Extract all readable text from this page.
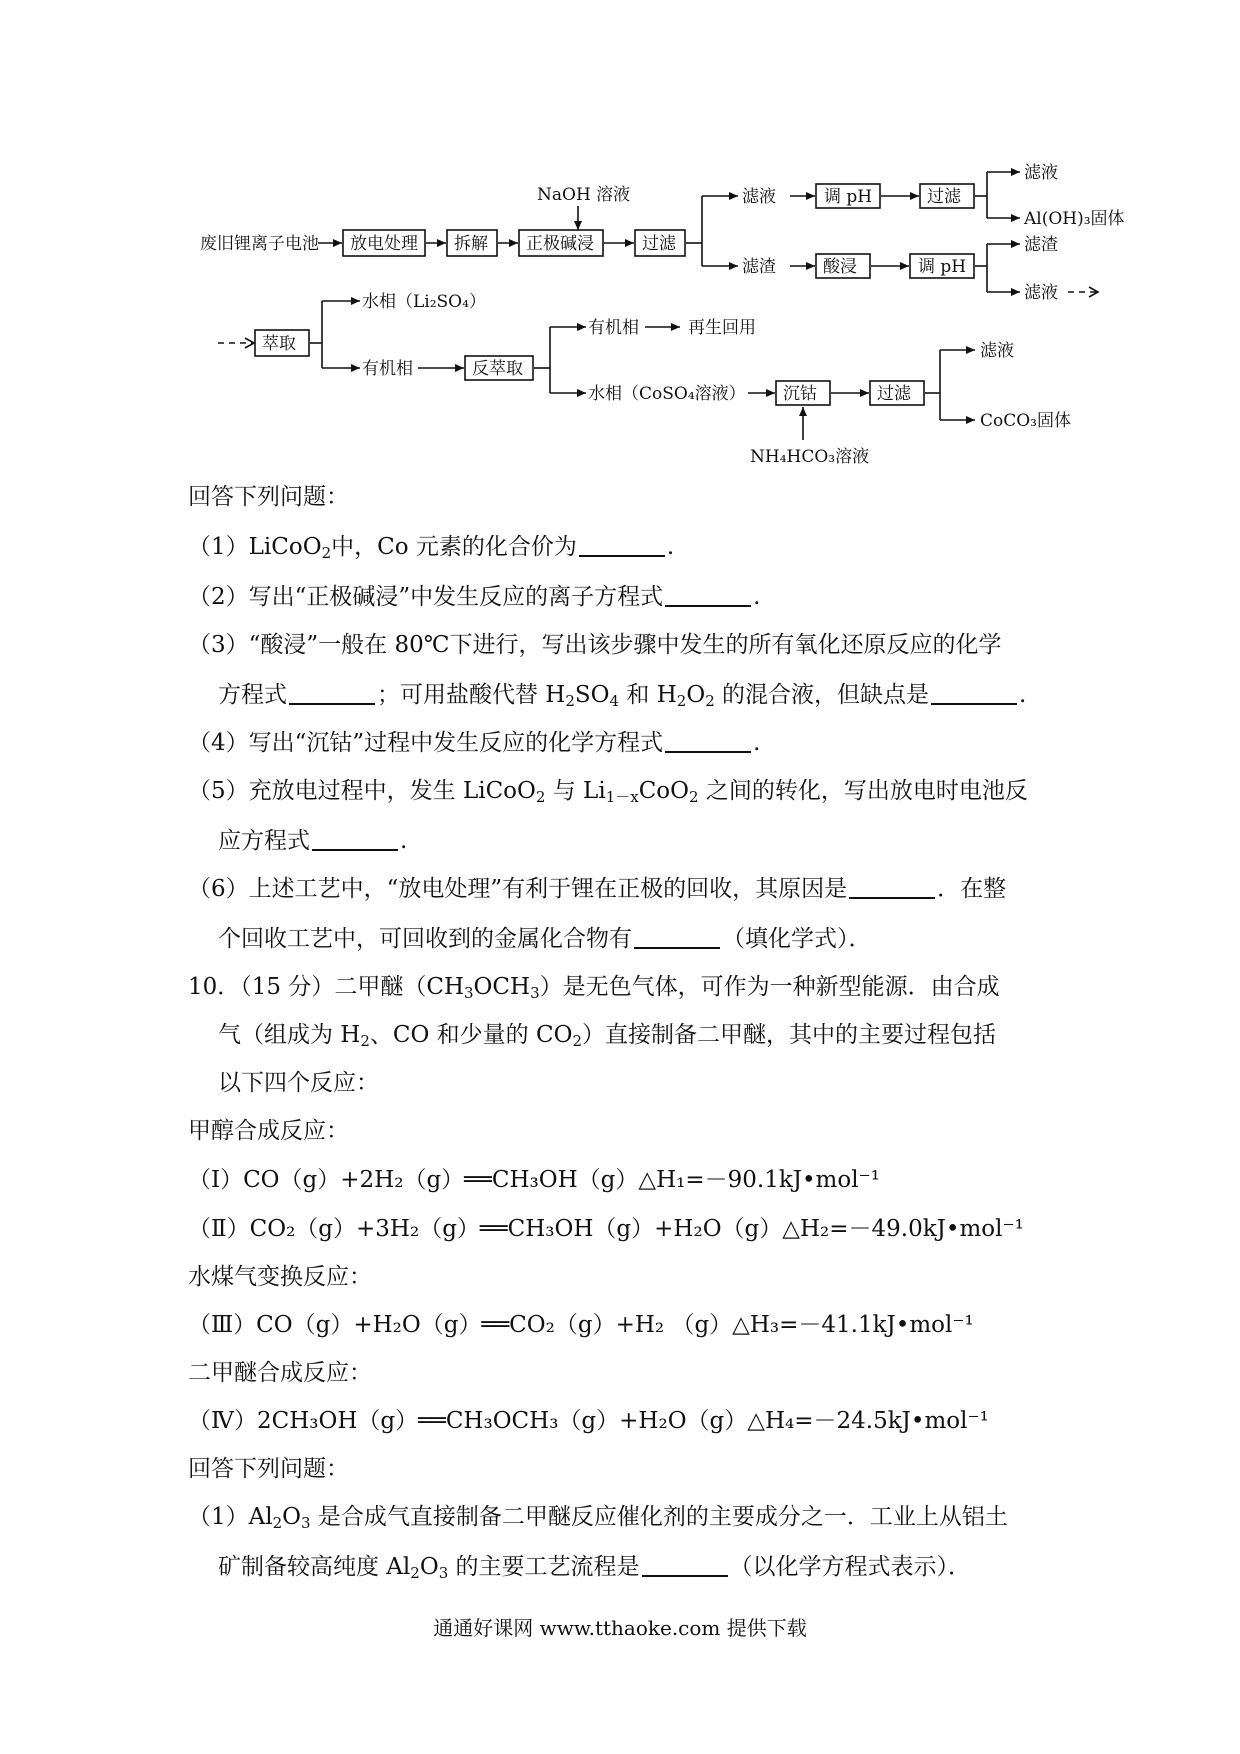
NaOH 溶液
废旧锂离子电池 放电处理 拆解 正极碱浸	过滤
滤液	调 pH	过滤
滤液
Al(OH)₃固体
滤渣	酸浸	调 pH
滤渣
滤液
萃取
水相（Li₂SO₄）
有机相	反萃取
有机相	再生回用
水相（CoSO₄溶液） 沉钴
NH₄HCO₃溶液
过滤
滤液
CoCO₃固体
回答下列问题：
（1）LiCoO$_2$中，Co 元素的化合价为	.
（2）写出“正极碱浸”中发生反应的离子方程式	.
（3）“酸浸”一般在 80℃下进行，写出该步骤中发生的所有氧化还原反应的化学
方程式	；可用盐酸代替 $H_2SO_4$ 和 $H_2O_2$ 的混合液，但缺点是	.
（4）写出“沉钴”过程中发生反应的化学方程式	.
（5）充放电过程中，发生 LiCoO$_2$ 与 $Li_{1-x}CoO_2$ 之间的转化，写出放电时电池反
应方程式	.
（6）上述工艺中，“放电处理”有利于锂在正极的回收，其原因是	．在整
个回收工艺中，可回收到的金属化合物有	（填化学式）．
10．（15 分）二甲醚$(CH_3OCH_3)$是无色气体，可作为一种新型能源．由合成
气（组成为 $H_2$、CO 和少量的 $CO_2$）直接制备二甲醚，其中的主要过程包括
以下四个反应：
甲醇合成反应：
（Ⅰ）CO（g）+2H₂（g）══CH₃OH（g）△H₁=－90.1kJ•mol⁻¹
（Ⅱ）CO₂（g）+3H₂（g）══CH₃OH（g）+H₂O（g）△H₂=－49.0kJ•mol⁻¹
水煤气变换反应：
（Ⅲ）CO（g）+H₂O（g）══CO₂（g）+H₂ （g）△H₃=－41.1kJ•mol⁻¹
二甲醚合成反应：
（Ⅳ）2CH₃OH（g）══CH₃OCH₃（g）+H₂O（g）△H₄=－24.5kJ•mol⁻¹
回答下列问题：
$(1)Al_2O_3$ 是合成气直接制备二甲醚反应催化剂的主要成分之一．工业上从铝土
矿制备较高纯度 $Al_2O_3$ 的主要工艺流程是	（以化学方程式表示）．
通通好课网 www.tthaoke.com 提供下载
